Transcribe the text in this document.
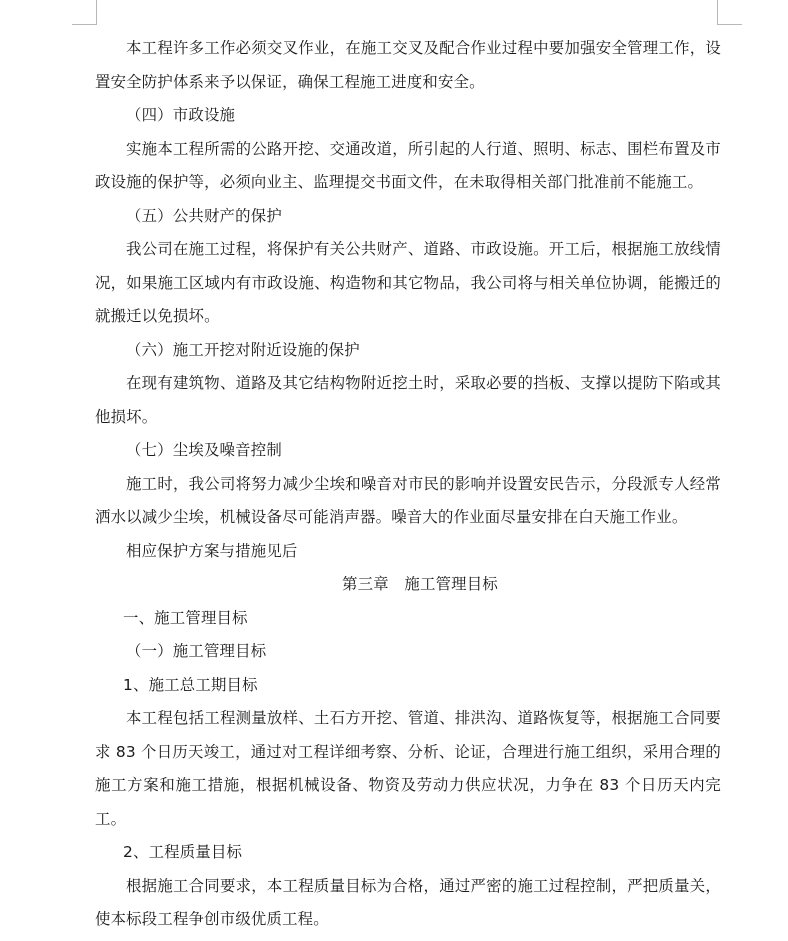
本工程许多工作必须交叉作业，在施工交叉及配合作业过程中要加强安全管理工作，设置安全防护体系来予以保证，确保工程施工进度和安全。

（四）市政设施

实施本工程所需的公路开挖、交通改道，所引起的人行道、照明、标志、围栏布置及市政设施的保护等，必须向业主、监理提交书面文件，在未取得相关部门批准前不能施工。

（五）公共财产的保护

我公司在施工过程，将保护有关公共财产、道路、市政设施。开工后，根据施工放线情况，如果施工区域内有市政设施、构造物和其它物品，我公司将与相关单位协调，能搬迁的就搬迁以免损坏。

（六）施工开挖对附近设施的保护

在现有建筑物、道路及其它结构物附近挖土时，采取必要的挡板、支撑以提防下陷或其他损坏。

（七）尘埃及噪音控制

施工时，我公司将努力减少尘埃和噪音对市民的影响并设置安民告示，分段派专人经常洒水以减少尘埃，机械设备尽可能消声器。噪音大的作业面尽量安排在白天施工作业。

相应保护方案与措施见后

第三章　施工管理目标

一、施工管理目标

（一）施工管理目标

1、施工总工期目标

本工程包括工程测量放样、土石方开挖、管道、排洪沟、道路恢复等，根据施工合同要求 83 个日历天竣工，通过对工程详细考察、分析、论证，合理进行施工组织，采用合理的施工方案和施工措施，根据机械设备、物资及劳动力供应状况，力争在 83 个日历天内完工。

2、工程质量目标

根据施工合同要求，本工程质量目标为合格，通过严密的施工过程控制，严把质量关，使本标段工程争创市级优质工程。
